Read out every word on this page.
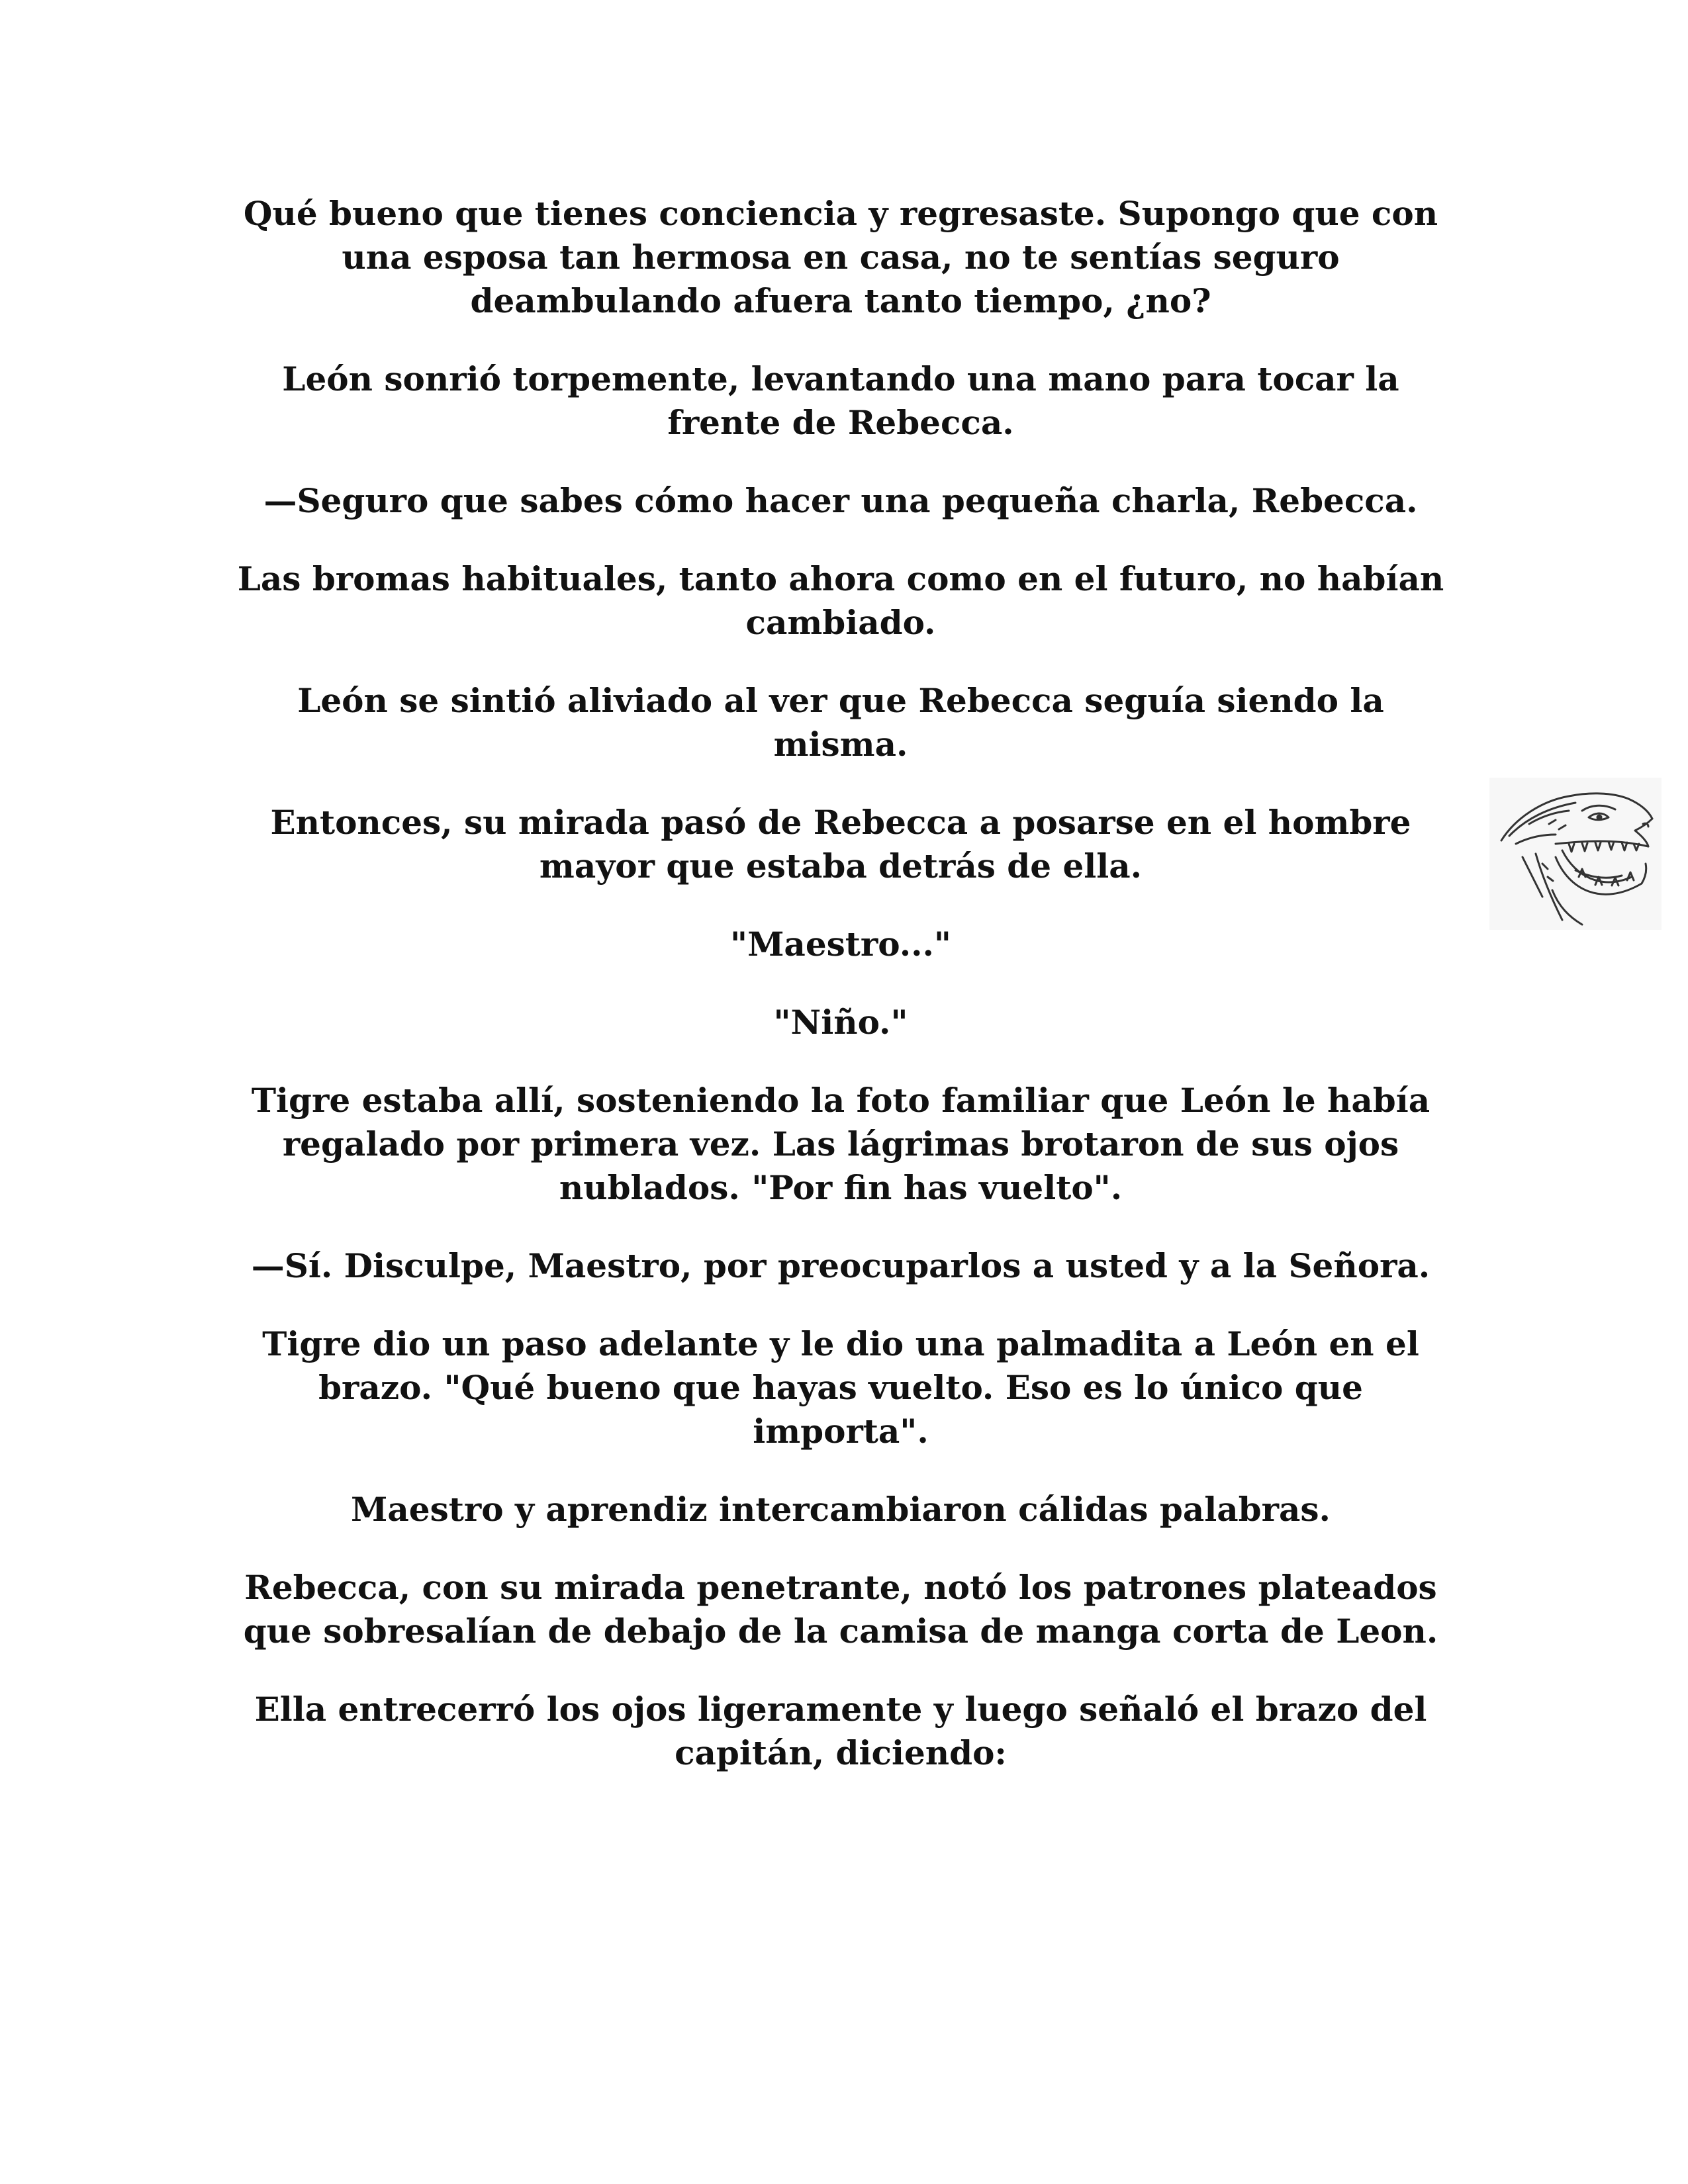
Qué bueno que tienes conciencia y regresaste. Supongo que con una esposa tan hermosa en casa, no te sentías seguro deambulando afuera tanto tiempo, ¿no?

León sonrió torpemente, levantando una mano para tocar la frente de Rebecca.

—Seguro que sabes cómo hacer una pequeña charla, Rebecca.

Las bromas habituales, tanto ahora como en el futuro, no habían cambiado.

León se sintió aliviado al ver que Rebecca seguía siendo la misma.

Entonces, su mirada pasó de Rebecca a posarse en el hombre mayor que estaba detrás de ella.

"Maestro..."

"Niño."

Tigre estaba allí, sosteniendo la foto familiar que León le había regalado por primera vez. Las lágrimas brotaron de sus ojos nublados. "Por fin has vuelto".

—Sí. Disculpe, Maestro, por preocuparlos a usted y a la Señora.

Tigre dio un paso adelante y le dio una palmadita a León en el brazo. "Qué bueno que hayas vuelto. Eso es lo único que importa".

Maestro y aprendiz intercambiaron cálidas palabras.

Rebecca, con su mirada penetrante, notó los patrones plateados que sobresalían de debajo de la camisa de manga corta de Leon.

Ella entrecerró los ojos ligeramente y luego señaló el brazo del capitán, diciendo:
